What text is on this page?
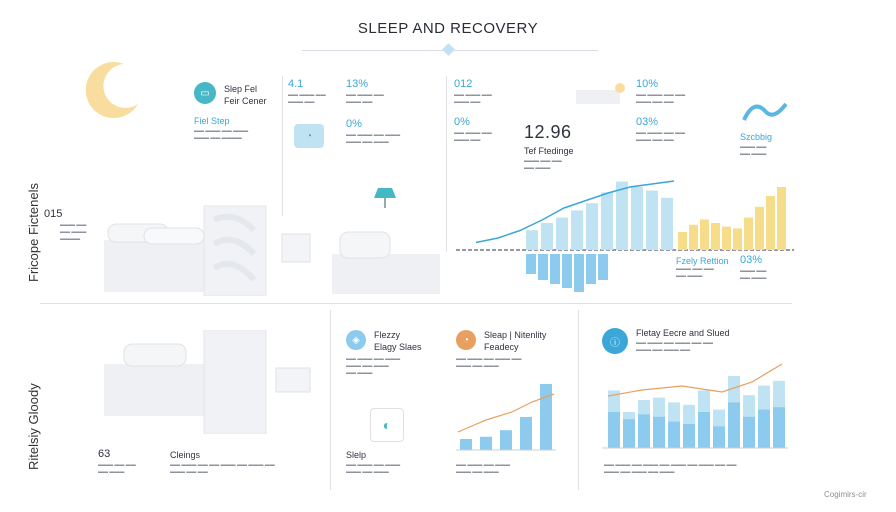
SLEEP AND RECOVERY
Fricope Fictenels
Ritelsiy Gloody
▭	Slep Fel
Feir Cener
Fiel Step
▬▬ ▬▬▬ ▬▬ ▬▬▬
▬▬▬ ▬▬ ▬▬▬▬
4.1
▬▬ ▬▬▬ ▬▬
▬▬▬ ▬▬
13%
▬▬ ▬▬▬ ▬▬
▬▬▬ ▬▬
0%
▬▬ ▬▬▬ ▬▬ ▬▬▬
▬▬▬ ▬▬ ▬▬▬
◔
012
▬▬ ▬▬▬ ▬▬
▬▬▬ ▬▬
0%
▬▬ ▬▬▬ ▬▬
▬▬▬ ▬▬
015
▬▬▬ ▬▬
▬▬ ▬▬▬
▬▬▬▬
10%
▬▬ ▬▬▬ ▬▬ ▬▬
▬▬▬ ▬▬ ▬▬
03%
▬▬ ▬▬▬ ▬▬ ▬▬
▬▬▬ ▬▬ ▬▬
12.96
Tef Ftedinge
▬▬▬ ▬▬ ▬▬
▬▬ ▬▬▬
Szcbbig
▬▬▬ ▬▬
▬▬ ▬▬▬
Fzely Rettion
▬▬▬ ▬▬ ▬▬
▬▬ ▬▬▬
03%
▬▬▬ ▬▬
▬▬ ▬▬▬
63
▬▬▬ ▬▬ ▬▬
▬▬ ▬▬▬
Cleings
▬▬ ▬▬▬ ▬▬ ▬▬ ▬▬▬ ▬▬ ▬▬▬ ▬▬
▬▬▬ ▬▬ ▬▬
◈	Flezzy
Elagy Slaes
▬▬ ▬▬▬ ▬▬ ▬▬▬
▬▬▬ ▬▬ ▬▬▬
▬▬ ▬▬▬
◐
Slelp
▬▬ ▬▬▬ ▬▬ ▬▬▬
▬▬▬ ▬▬ ▬▬▬
◔	Sleap | Nitenlity
Feadecy
▬▬ ▬▬▬ ▬▬ ▬▬▬ ▬▬
▬▬▬ ▬▬ ▬▬▬
▬▬ ▬▬▬ ▬▬ ▬▬▬
▬▬▬ ▬▬ ▬▬▬
ⓘ
Fletay Eecre and Slued
▬▬ ▬▬▬ ▬▬ ▬▬▬ ▬▬ ▬▬
▬▬▬ ▬▬ ▬▬▬ ▬▬
▬▬ ▬▬▬ ▬▬ ▬▬▬ ▬▬ ▬▬▬ ▬▬ ▬▬▬ ▬▬ ▬▬
▬▬▬ ▬▬ ▬▬▬ ▬▬ ▬▬▬
Cogimirs-cir
